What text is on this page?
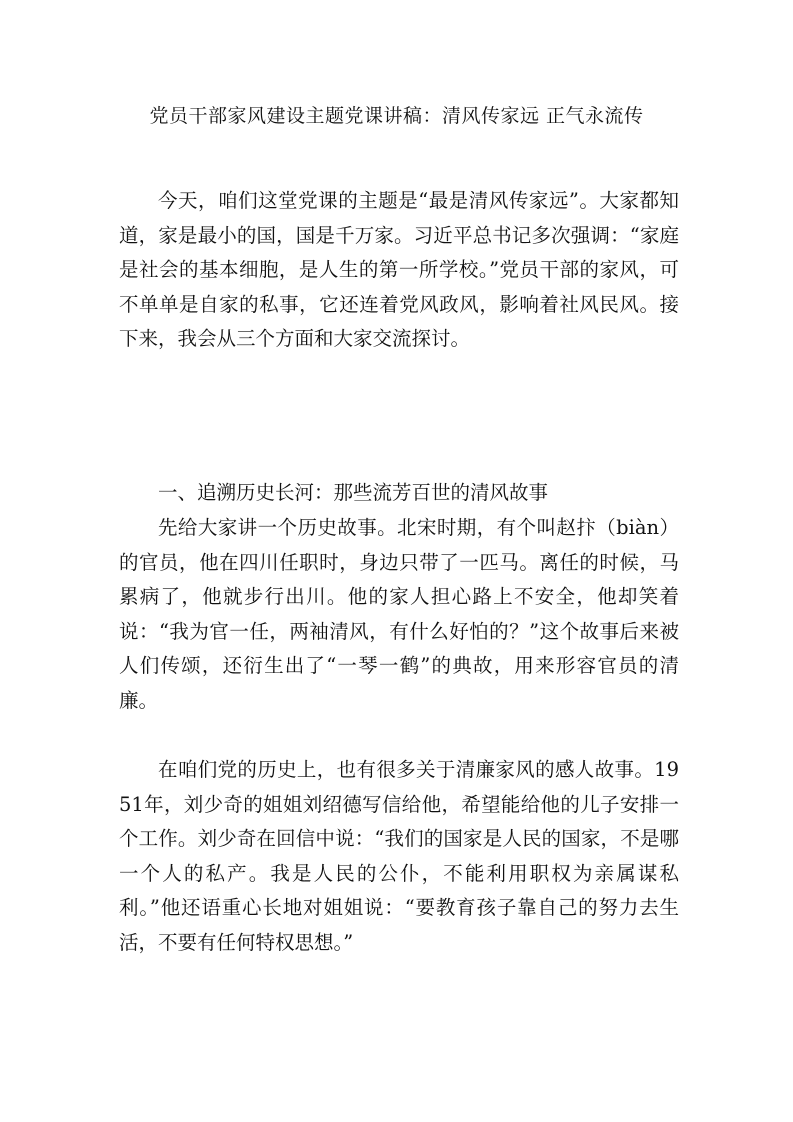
党员干部家风建设主题党课讲稿：清风传家远 正气永流传

今天，咱们这堂党课的主题是“最是清风传家远”。大家都知道，家是最小的国，国是千万家。习近平总书记多次强调：“家庭是社会的基本细胞，是人生的第一所学校。”党员干部的家风，可不单单是自家的私事，它还连着党风政风，影响着社风民风。接下来，我会从三个方面和大家交流探讨。

一、追溯历史长河：那些流芳百世的清风故事

先给大家讲一个历史故事。北宋时期，有个叫赵抃（biàn）的官员，他在四川任职时，身边只带了一匹马。离任的时候，马累病了，他就步行出川。他的家人担心路上不安全，他却笑着说：“我为官一任，两袖清风，有什么好怕的？”这个故事后来被人们传颂，还衍生出了“一琴一鹤”的典故，用来形容官员的清廉。

在咱们党的历史上，也有很多关于清廉家风的感人故事。1951年，刘少奇的姐姐刘绍德写信给他，希望能给他的儿子安排一个工作。刘少奇在回信中说：“我们的国家是人民的国家，不是哪一个人的私产。我是人民的公仆，不能利用职权为亲属谋私利。”他还语重心长地对姐姐说：“要教育孩子靠自己的努力去生活，不要有任何特权思想。”
